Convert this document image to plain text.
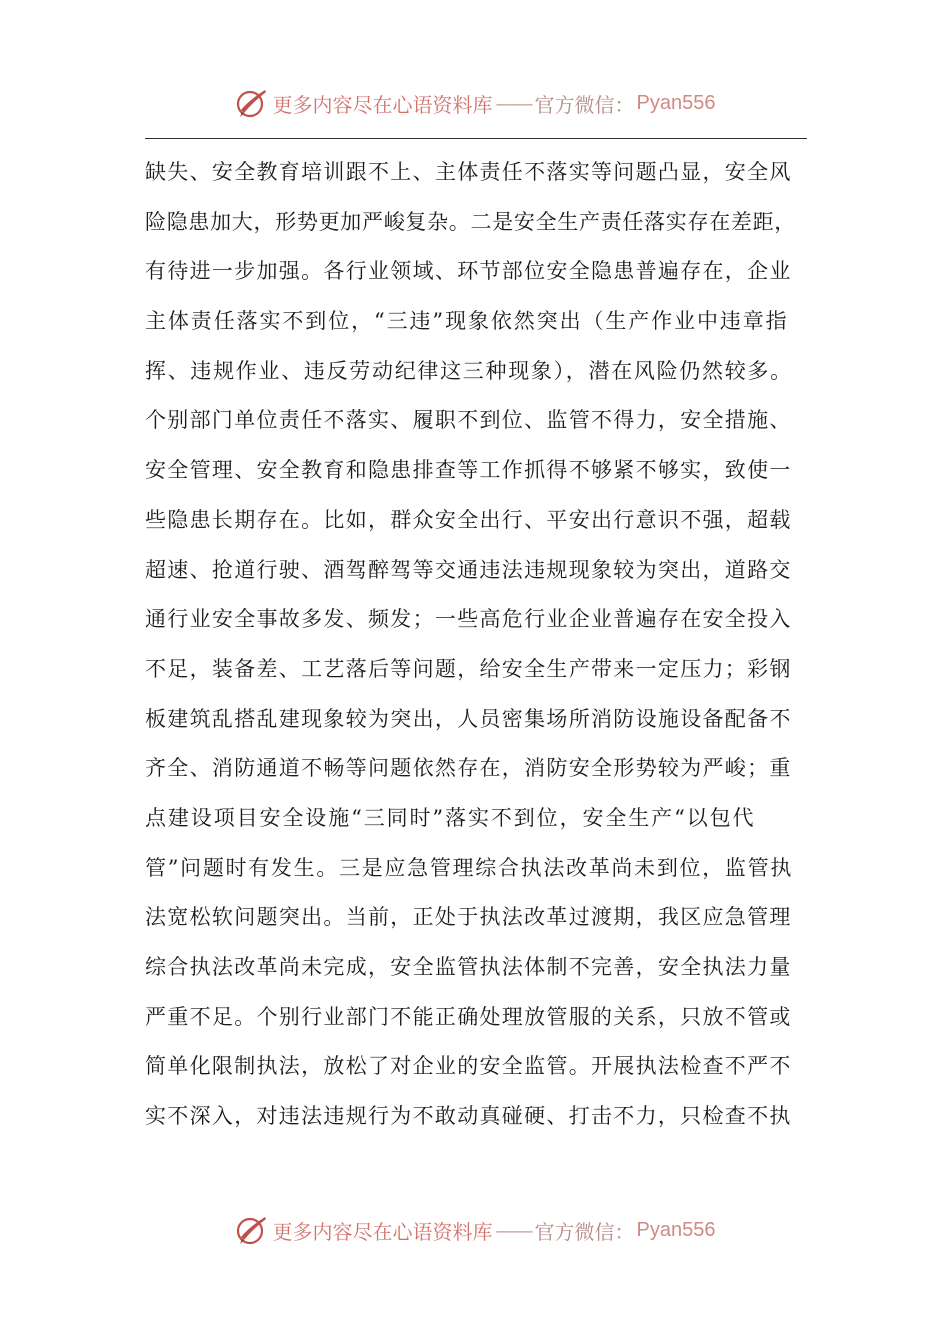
更多内容尽在心语资料库 —— 官方微信： Pyan556
缺失、安全教育培训跟不上、主体责任不落实等问题凸显，安全风
险隐患加大，形势更加严峻复杂。二是安全生产责任落实存在差距，
有待进一步加强。各行业领域、环节部位安全隐患普遍存在，企业
主体责任落实不到位，“三违”现象依然突出（生产作业中违章指
挥、违规作业、违反劳动纪律这三种现象），潜在风险仍然较多。
个别部门单位责任不落实、履职不到位、监管不得力，安全措施、
安全管理、安全教育和隐患排查等工作抓得不够紧不够实，致使一
些隐患长期存在。比如，群众安全出行、平安出行意识不强，超载
超速、抢道行驶、酒驾醉驾等交通违法违规现象较为突出，道路交
通行业安全事故多发、频发；一些高危行业企业普遍存在安全投入
不足，装备差、工艺落后等问题，给安全生产带来一定压力；彩钢
板建筑乱搭乱建现象较为突出，人员密集场所消防设施设备配备不
齐全、消防通道不畅等问题依然存在，消防安全形势较为严峻；重
点建设项目安全设施“三同时”落实不到位，安全生产“以包代
管”问题时有发生。三是应急管理综合执法改革尚未到位，监管执
法宽松软问题突出。当前，正处于执法改革过渡期，我区应急管理
综合执法改革尚未完成，安全监管执法体制不完善，安全执法力量
严重不足。个别行业部门不能正确处理放管服的关系，只放不管或
简单化限制执法，放松了对企业的安全监管。开展执法检查不严不
实不深入，对违法违规行为不敢动真碰硬、打击不力，只检查不执
更多内容尽在心语资料库 —— 官方微信： Pyan556
